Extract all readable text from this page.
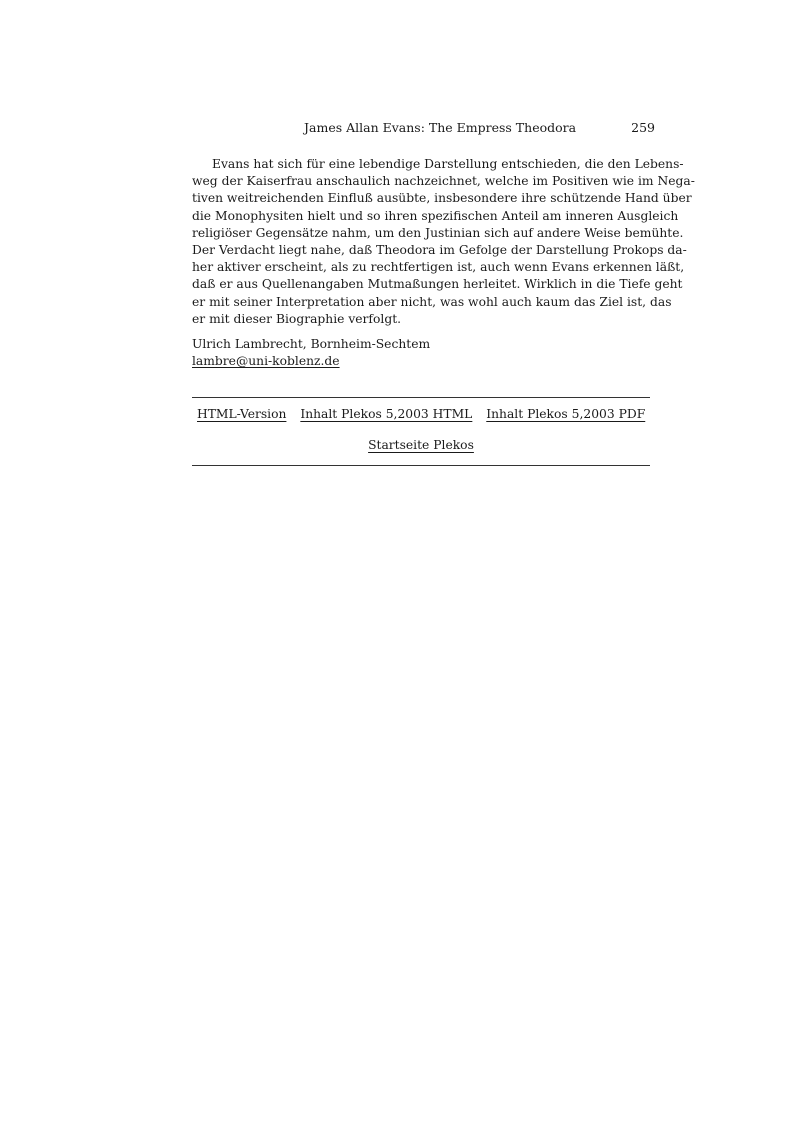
James Allan Evans: The Empress Theodora	259
Evans hat sich für eine lebendige Darstellung entschieden, die den Lebens-
weg der Kaiserfrau anschaulich nachzeichnet, welche im Positiven wie im Nega-
tiven weitreichenden Einfluß ausübte, insbesondere ihre schützende Hand über
die Monophysiten hielt und so ihren spezifischen Anteil am inneren Ausgleich
religiöser Gegensätze nahm, um den Justinian sich auf andere Weise bemühte.
Der Verdacht liegt nahe, daß Theodora im Gefolge der Darstellung Prokops da-
her aktiver erscheint, als zu rechtfertigen ist, auch wenn Evans erkennen läßt,
daß er aus Quellenangaben Mutmaßungen herleitet. Wirklich in die Tiefe geht
er mit seiner Interpretation aber nicht, was wohl auch kaum das Ziel ist, das
er mit dieser Biographie verfolgt.
Ulrich Lambrecht, Bornheim-Sechtem
lambre@uni-koblenz.de
HTML-Version Inhalt Plekos 5,2003 HTML Inhalt Plekos 5,2003 PDF
Startseite Plekos
